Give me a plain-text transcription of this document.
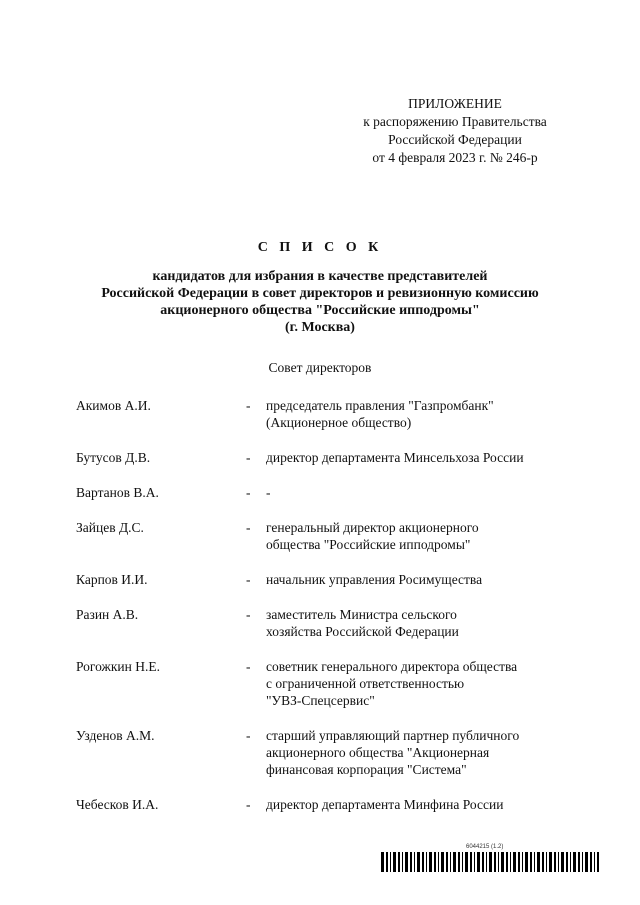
ПРИЛОЖЕНИЕ
к распоряжению Правительства
Российской Федерации
от 4 февраля 2023 г. № 246-р
С П И С О К
кандидатов для избрания в качестве представителей
Российской Федерации в совет директоров и ревизионную комиссию
акционерного общества "Российские ипподромы"
(г. Москва)
Совет директоров
Акимов А.И.	-	председатель правления "Газпромбанк"
(Акционерное общество)
Бутусов Д.В.	-	директор департамента Минсельхоза России
Вартанов В.А.	-	-
Зайцев Д.С.	-	генеральный директор акционерного
общества "Российские ипподромы"
Карпов И.И.	-	начальник управления Росимущества
Разин А.В.	-	заместитель Министра сельского
хозяйства Российской Федерации
Рогожкин Н.Е.	-	советник генерального директора общества
с ограниченной ответственностью
"УВЗ-Спецсервис"
Узденов А.М.	-	старший управляющий партнер публичного
акционерного общества "Акционерная
финансовая корпорация "Система"
Чебесков И.А.	-	директор департамента Минфина России
6044215 (1.2)
